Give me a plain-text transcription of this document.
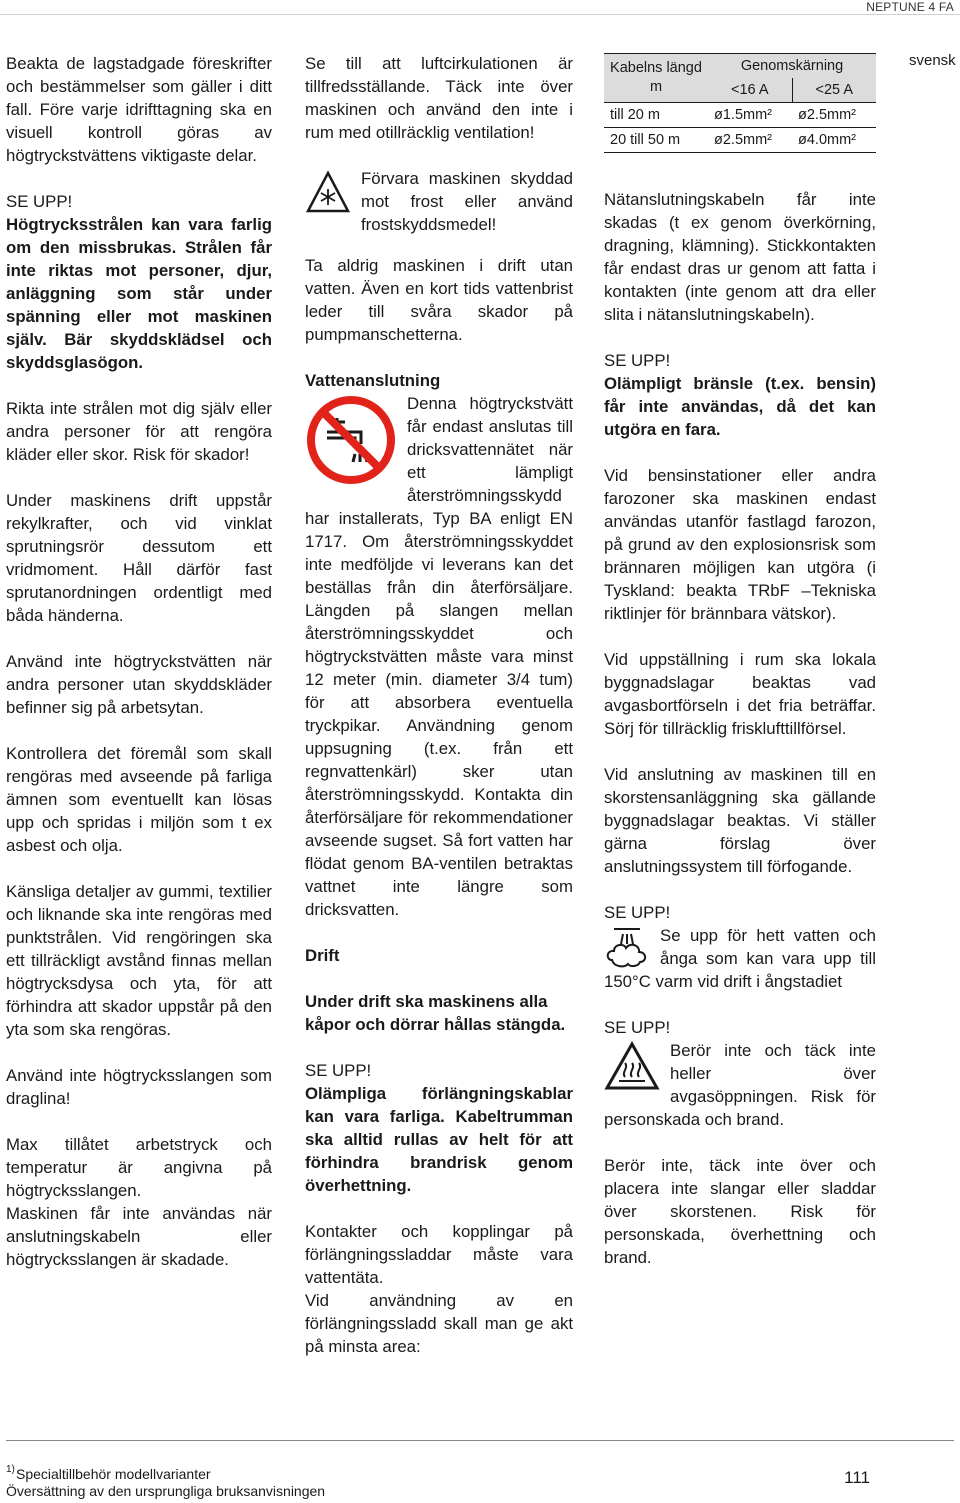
NEPTUNE 4 FA
svensk

Beakta de lagstadgade föreskrifter och bestämmelser som gäller i ditt fall. Före varje idrifttagning ska en visuell kontroll göras av högtryckstvättens viktigaste delar.

SE UPP!

Högtrycksstrålen kan vara farlig om den missbrukas. Strålen får inte riktas mot personer, djur, anläggning som står under spänning eller mot maskinen själv. Bär skyddsklädsel och skyddsglasögon.

Rikta inte strålen mot dig själv eller andra personer för att rengöra kläder eller skor. Risk för skador!

Under maskinens drift uppstår rekylkrafter, och vid vinklat sprutningsrör dessutom ett vridmoment. Håll därför fast sprutanordningen ordentligt med båda händerna.

Använd inte högtryckstvätten när andra personer utan skyddskläder befinner sig på arbetsytan.

Kontrollera det föremål som skall rengöras med avseende på farliga ämnen som eventuellt kan lösas upp och spridas i miljön som t ex asbest och olja.

Känsliga detaljer av gummi, textilier och liknande ska inte rengöras med punktstrålen. Vid rengöringen ska ett tillräckligt avstånd finnas mellan högtrycksdysa och yta, för att förhindra att skador uppstår på den yta som ska rengöras.

Använd inte högtrycksslangen som draglina!

Max tillåtet arbetstryck och temperatur är angivna på högtrycksslangen.

Maskinen får inte användas när anslutningskabeln eller högtrycksslangen är skadade.

Se till att luftcirkulationen är tillfredsställande. Täck inte över maskinen och använd den inte i rum med otillräcklig ventilation!

Förvara maskinen skyddad mot frost eller använd frostskyddsmedel!

Ta aldrig maskinen i drift utan vatten. Även en kort tids vattenbrist leder till svåra skador på pumpmanschetterna.

Vattenanslutning

Denna högtryckstvätt får endast anslutas till dricksvattennätet när ett lämpligt återströmningsskydd har installerats, Typ BA enligt EN 1717. Om återströmningsskyddet inte medföljde vi leverans kan det beställas från din återförsäljare. Längden på slangen mellan återströmningsskyddet och högtryckstvätten måste vara minst 12 meter (min. diameter 3/4 tum) för att absorbera eventuella tryckpikar. Användning genom uppsugning (t.ex. från ett regnvattenkärl) sker utan återströmningsskydd. Kontakta din återförsäljare för rekommendationer avseende sugset. Så fort vatten har flödat genom BA-ventilen betraktas vattnet inte längre som dricksvatten.

Drift

Under drift ska maskinens alla kåpor och dörrar hållas stängda.

SE UPP!

Olämpliga förlängningskablar kan vara farliga. Kabeltrumman ska alltid rullas av helt för att förhindra brandrisk genom överhettning.

Kontakter och kopplingar på förlängningssladdar måste vara vattentäta.

Vid användning av en förlängningssladd skall man ge akt på minsta area:

Kabelns längd m	Genomskärning	
	<16 A	<25 A
till 20 m	ø1.5mm²	ø2.5mm²
20 till 50 m	ø2.5mm²	ø4.0mm²

Nätanslutningskabeln får inte skadas (t ex genom överkörning, dragning, klämning). Stickkontakten får endast dras ur genom att fatta i kontakten (inte genom att dra eller slita i nätanslutningskabeln).

SE UPP!

Olämpligt bränsle (t.ex. bensin) får inte användas, då det kan utgöra en fara.

Vid bensinstationer eller andra farozoner ska maskinen endast användas utanför fastlagd farozon, på grund av den explosionsrisk som brännaren möjligen kan utgöra (i Tyskland: beakta TRbF –Tekniska riktlinjer för brännbara vätskor).

Vid uppställning i rum ska lokala byggnadslagar beaktas vad avgasbortförseln i det fria beträffar. Sörj för tillräcklig frisklufttillförsel.

Vid anslutning av maskinen till en skorstensanläggning ska gällande byggnadslagar beaktas. Vi ställer gärna förslag över anslutningssystem till förfogande.

SE UPP!

Se upp för hett vatten och ånga som kan vara upp till 150°C varm vid drift i ångstadiet

SE UPP!

Berör inte och täck inte heller över avgasöppningen. Risk för personskada och brand.

Berör inte, täck inte över och placera inte slangar eller sladdar över skorstenen. Risk för personskada, överhettning och brand.

1) Specialtillbehör modellvarianter
Översättning av den ursprungliga bruksanvisningen
111
